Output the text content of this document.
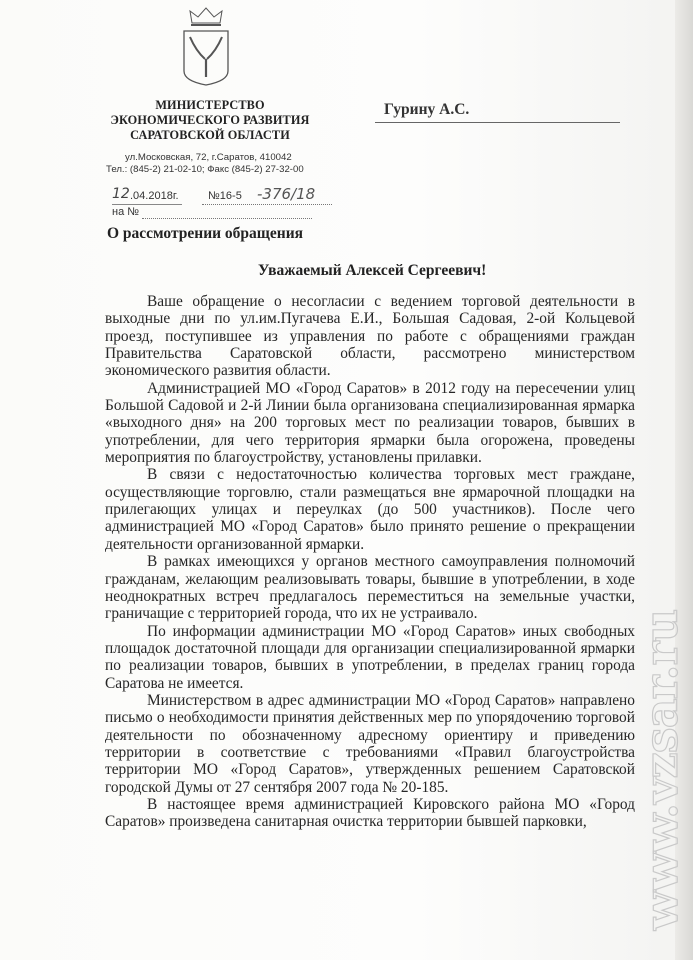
МИНИСТЕРСТВО
ЭКОНОМИЧЕСКОГО РАЗВИТИЯ
САРАТОВСКОЙ ОБЛАСТИ
ул.Московская, 72, г.Саратов, 410042
Тел.: (845-2) 21-02-10; Факс (845-2) 27-32-00
12 .04.2018г.	№16-5 -376/18
на №
О рассмотрении обращения
Гурину А.С.
Уважаемый Алексей Сергеевич!

Ваше обращение о несогласии с ведением торговой деятельности в выходные дни по ул.им.Пугачева Е.И., Большая Садовая, 2-ой Кольцевой проезд, поступившее из управления по работе с обращениями граждан Правительства Саратовской области, рассмотрено министерством экономического развития области.

Администрацией МО «Город Саратов» в 2012 году на пересечении улиц Большой Садовой и 2-й Линии была организована специализированная ярмарка «выходного дня» на 200 торговых мест по реализации товаров, бывших в употреблении, для чего территория ярмарки была огорожена, проведены мероприятия по благоустройству, установлены прилавки.

В связи с недостаточностью количества торговых мест граждане, осуществляющие торговлю, стали размещаться вне ярмарочной площадки на прилегающих улицах и переулках (до 500 участников). После чего администрацией МО «Город Саратов» было принято решение о прекращении деятельности организованной ярмарки.

В рамках имеющихся у органов местного самоуправления полномочий гражданам, желающим реализовывать товары, бывшие в употреблении, в ходе неоднократных встреч предлагалось переместиться на земельные участки, граничащие с территорией города, что их не устраивало.

По информации администрации МО «Город Саратов» иных свободных площадок достаточной площади для организации специализированной ярмарки по реализации товаров, бывших в употреблении, в пределах границ города Саратова не имеется.

Министерством в адрес администрации МО «Город Саратов» направлено письмо о необходимости принятия действенных мер по упорядочению торговой деятельности по обозначенному адресному ориентиру и приведению территории в соответствие с требованиями «Правил благоустройства территории МО «Город Саратов», утвержденных решением Саратовской городской Думы от 27 сентября 2007 года № 20-185.

В настоящее время администрацией Кировского района МО «Город Саратов» произведена санитарная очистка территории бывшей парковки,	www.vzsar.ru
